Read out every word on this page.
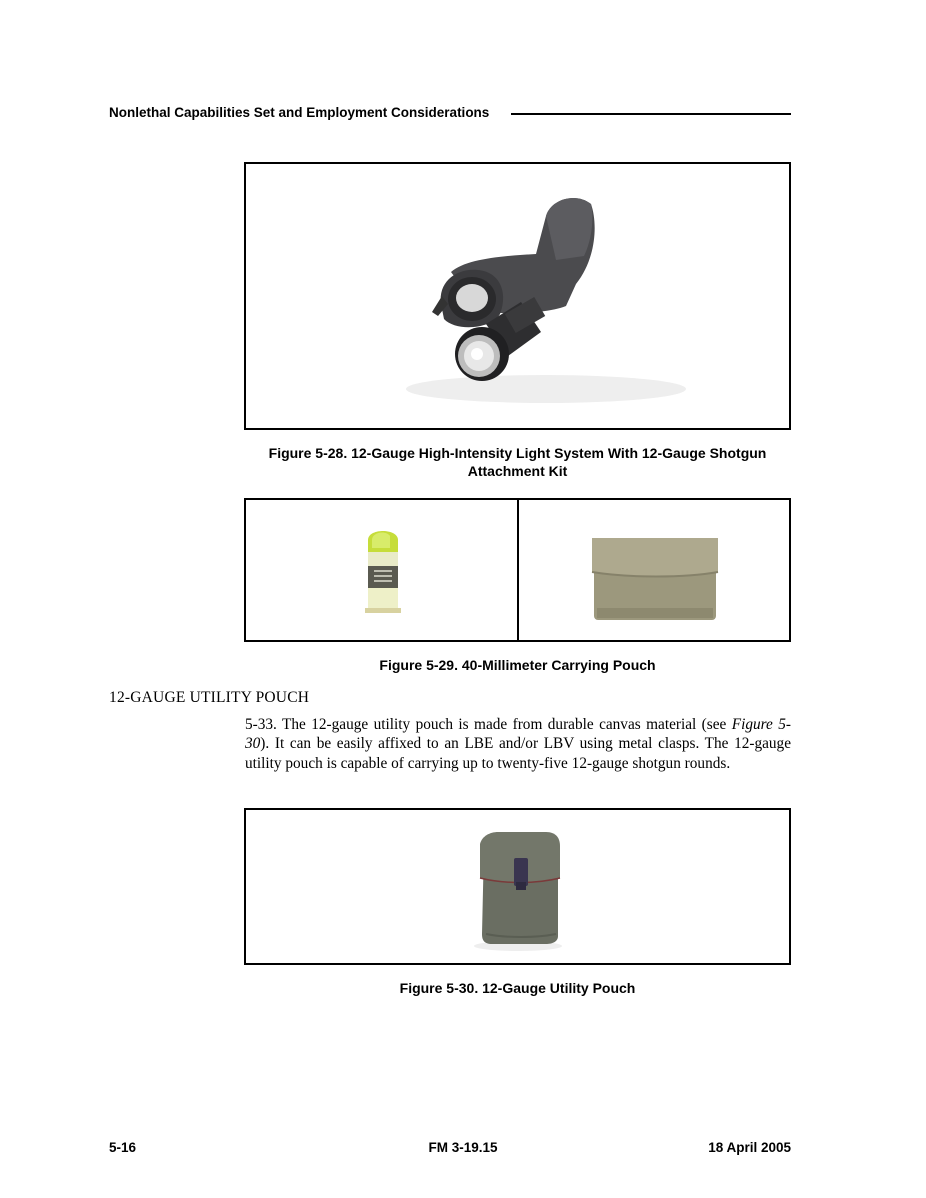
Nonlethal Capabilities Set and Employment Considerations
Figure 5-28. 12-Gauge High-Intensity Light System With 12-Gauge Shotgun
Attachment Kit
Figure 5-29. 40-Millimeter Carrying Pouch
12-GAUGE UTILITY POUCH
5-33. The 12-gauge utility pouch is made from durable canvas material (see Figure 5-30). It can be easily affixed to an LBE and/or LBV using metal clasps. The 12-gauge utility pouch is capable of carrying up to twenty-five 12-gauge shotgun rounds.
Figure 5-30. 12-Gauge Utility Pouch
5-16	FM 3-19.15	18 April 2005
